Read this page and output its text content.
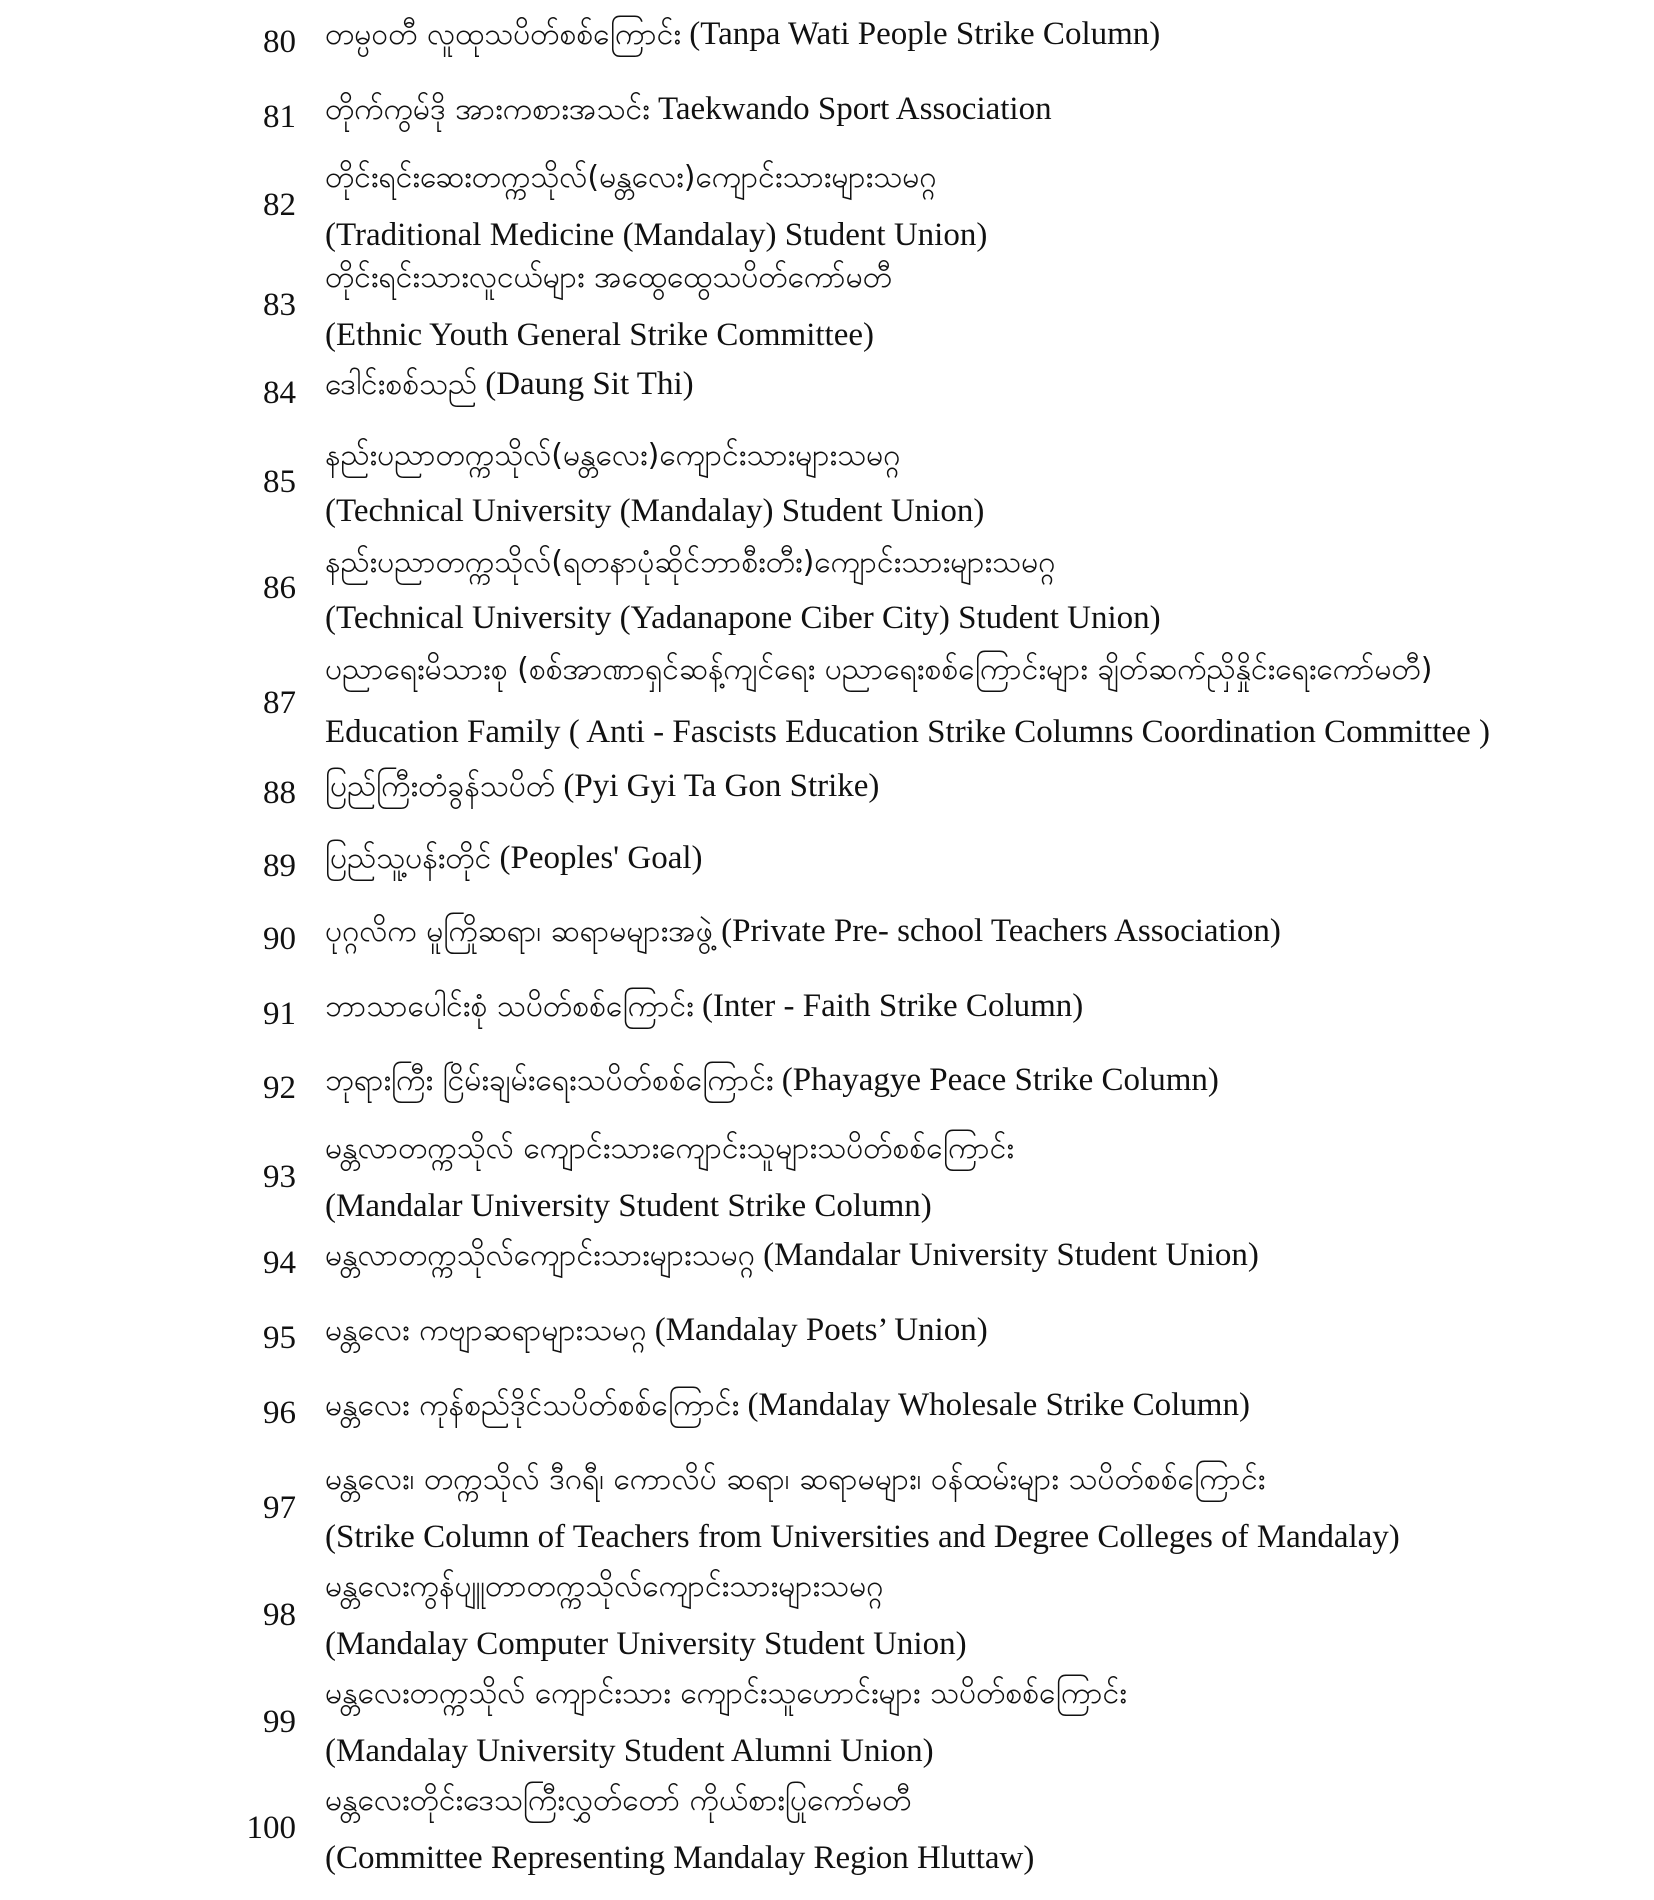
80 တမ္ပဝတီ လူထုသပိတ်စစ်ကြောင်း (Tanpa Wati People Strike Column)
81 တိုက်ကွမ်ဒို အားကစားအသင်း Taekwando Sport Association
82
တိုင်းရင်းဆေးတက္ကသိုလ်(မန္တလေး)ကျောင်းသားများသမဂ္ဂ
(Traditional Medicine (Mandalay) Student Union)
83
တိုင်းရင်းသားလူငယ်များ အထွေထွေသပိတ်ကော်မတီ
(Ethnic Youth General Strike Committee)
84 ဒေါင်းစစ်သည် (Daung Sit Thi)
85
နည်းပညာတက္ကသိုလ်(မန္တလေး)ကျောင်းသားများသမဂ္ဂ
(Technical University (Mandalay) Student Union)
86
နည်းပညာတက္ကသိုလ်(ရတနာပုံဆိုင်ဘာစီးတီး)ကျောင်းသားများသမဂ္ဂ
(Technical University (Yadanapone Ciber City) Student Union)
87
ပညာရေးမိသားစု (စစ်အာဏာရှင်ဆန့်ကျင်ရေး ပညာရေးစစ်ကြောင်းများ ချိတ်ဆက်ညှိနှိုင်းရေးကော်မတီ)
Education Family ( Anti - Fascists Education Strike Columns Coordination Committee )
88 ပြည်ကြီးတံခွန်သပိတ် (Pyi Gyi Ta Gon Strike)
89 ပြည်သူ့ပန်းတိုင် (Peoples' Goal)
90 ပုဂ္ဂလိက မူကြိုဆရာ၊ ဆရာမများအဖွဲ့ (Private Pre- school Teachers Association)
91 ဘာသာပေါင်းစုံ သပိတ်စစ်ကြောင်း (Inter - Faith Strike Column)
92 ဘုရားကြီး ငြိမ်းချမ်းရေးသပိတ်စစ်ကြောင်း (Phayagye Peace Strike Column)
93
မန္တလာတက္ကသိုလ် ကျောင်းသားကျောင်းသူများသပိတ်စစ်ကြောင်း
(Mandalar University Student Strike Column)
94 မန္တလာတက္ကသိုလ်ကျောင်းသားများသမဂ္ဂ (Mandalar University Student Union)
95 မန္တလေး ကဗျာဆရာများသမဂ္ဂ (Mandalay Poets’ Union)
96 မန္တလေး ကုန်စည်ဒိုင်သပိတ်စစ်ကြောင်း (Mandalay Wholesale Strike Column)
97
မန္တလေး၊ တက္ကသိုလ် ဒီဂရီ၊ ကောလိပ် ဆရာ၊ ဆရာမများ၊ ဝန်ထမ်းများ သပိတ်စစ်ကြောင်း
(Strike Column of Teachers from Universities and Degree Colleges of Mandalay)
98
မန္တလေးကွန်ပျူတာတက္ကသိုလ်ကျောင်းသားများသမဂ္ဂ
(Mandalay Computer University Student Union)
99
မန္တလေးတက္ကသိုလ် ကျောင်းသား ကျောင်းသူဟောင်းများ သပိတ်စစ်ကြောင်း
(Mandalay University Student Alumni Union)
100
မန္တလေးတိုင်းဒေသကြီးလွှတ်တော် ကိုယ်စားပြုကော်မတီ
(Committee Representing Mandalay Region Hluttaw)
